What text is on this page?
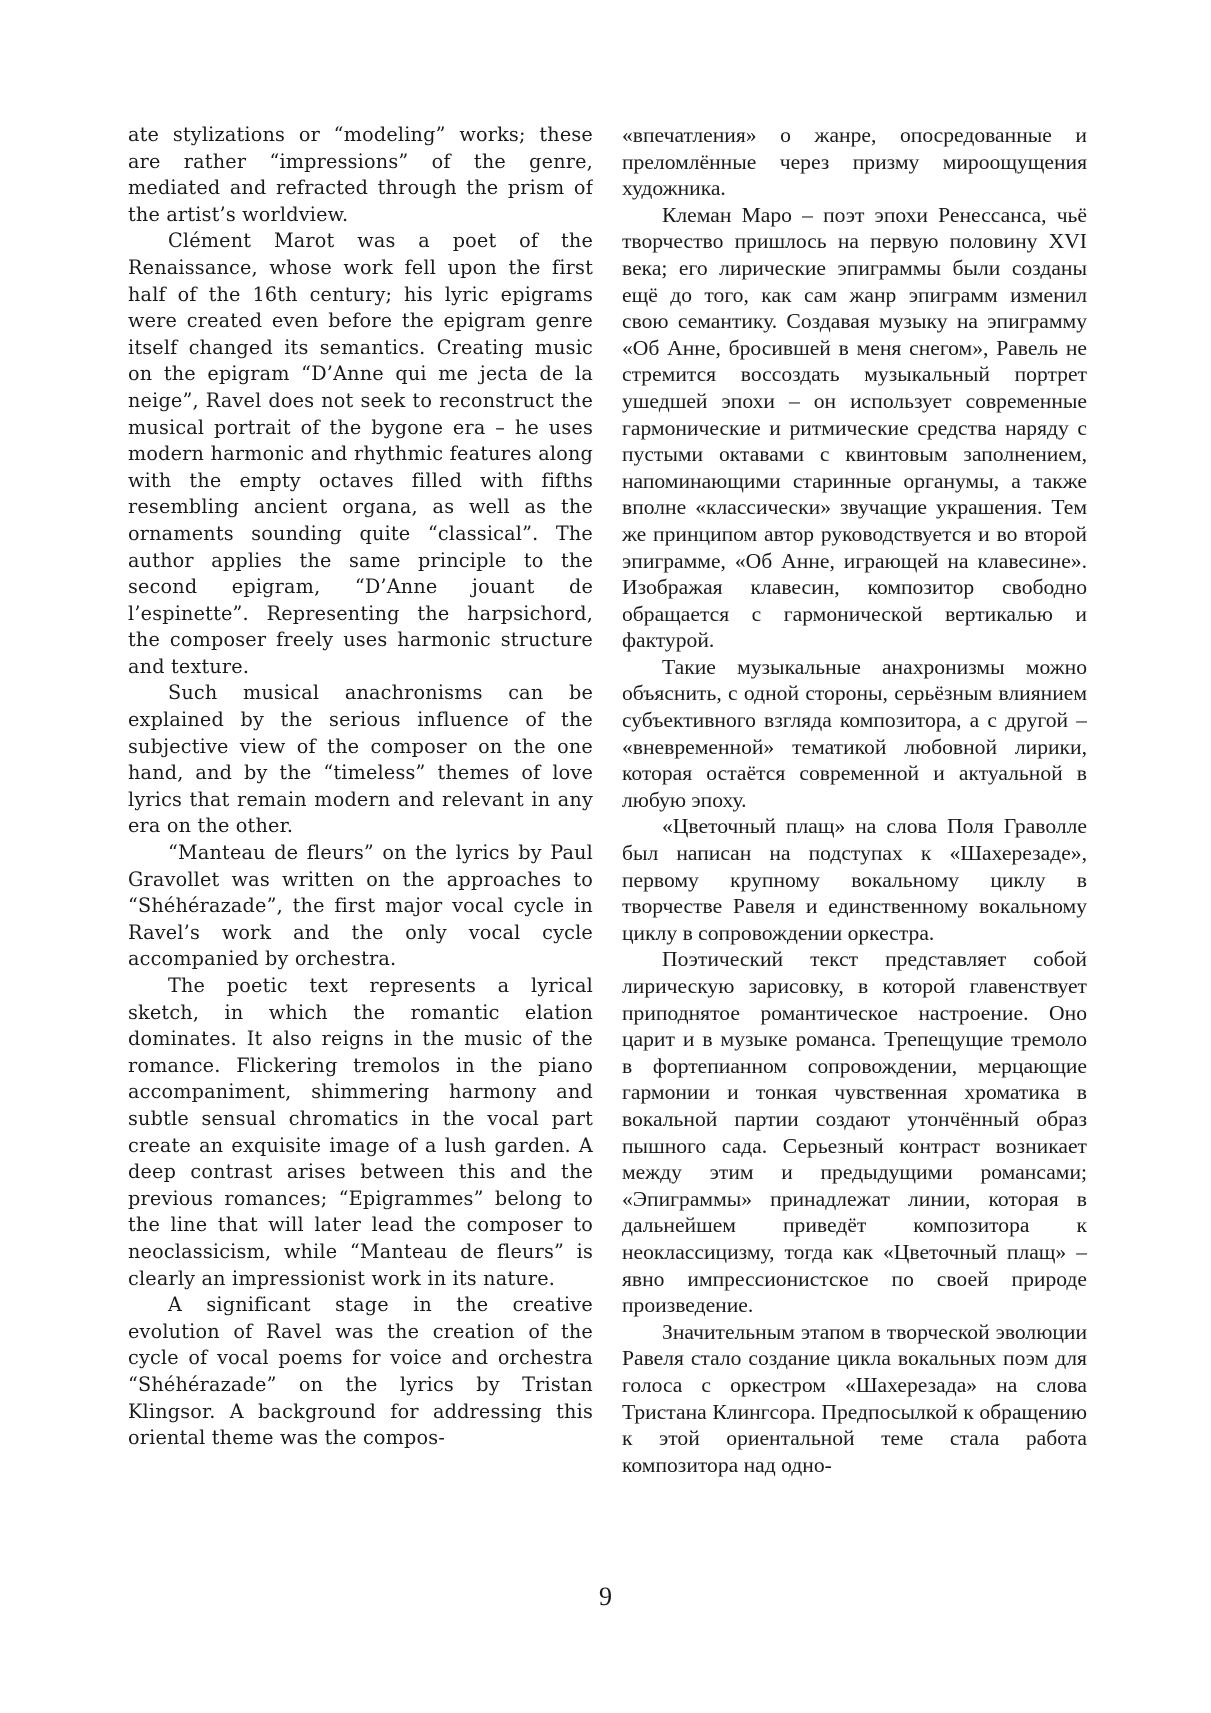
ate stylizations or “modeling” works; these are rather “impressions” of the genre, mediated and refracted through the prism of the artist’s worldview.

Clément Marot was a poet of the Renaissance, whose work fell upon the first half of the 16th century; his lyric epigrams were created even before the epigram genre itself changed its semantics. Creating music on the epigram “D’Anne qui me jecta de la neige”, Ravel does not seek to reconstruct the musical portrait of the bygone era – he uses modern harmonic and rhythmic features along with the empty octaves filled with fifths resembling ancient organa, as well as the ornaments sounding quite “classical”. The author applies the same principle to the second epigram, “D’Anne jouant de l’espinette”. Representing the harpsichord, the composer freely uses harmonic structure and texture.

Such musical anachronisms can be explained by the serious influence of the subjective view of the composer on the one hand, and by the “timeless” themes of love lyrics that remain modern and relevant in any era on the other.

“Manteau de fleurs” on the lyrics by Paul Gravollet was written on the approaches to “Shéhérazade”, the first major vocal cycle in Ravel’s work and the only vocal cycle accompanied by orchestra.

The poetic text represents a lyrical sketch, in which the romantic elation dominates. It also reigns in the music of the romance. Flickering tremolos in the piano accompaniment, shimmering harmony and subtle sensual chromatics in the vocal part create an exquisite image of a lush garden. A deep contrast arises between this and the previous romances; “Epigrammes” belong to the line that will later lead the composer to neoclassicism, while “Manteau de fleurs” is clearly an impressionist work in its nature.

A significant stage in the creative evolution of Ravel was the creation of the cycle of vocal poems for voice and orchestra “Shéhérazade” on the lyrics by Tristan Klingsor. A background for addressing this oriental theme was the compos-

«впечатления» о жанре, опосредованные и преломлённые через призму мироощущения художника.

Клеман Маро – поэт эпохи Ренессанса, чьё творчество пришлось на первую половину XVI века; его лирические эпиграммы были созданы ещё до того, как сам жанр эпиграмм изменил свою семантику. Создавая музыку на эпиграмму «Об Анне, бросившей в меня снегом», Равель не стремится воссоздать музыкальный портрет ушедшей эпохи – он использует современные гармонические и ритмические средства наряду с пустыми октавами с квинтовым заполнением, напоминающими старинные органумы, а также вполне «классически» звучащие украшения. Тем же принципом автор руководствуется и во второй эпиграмме, «Об Анне, играющей на клавесине». Изображая клавесин, композитор свободно обращается с гармонической вертикалью и фактурой.

Такие музыкальные анахронизмы можно объяснить, с одной стороны, серьёзным влиянием субъективного взгляда композитора, а с другой – «вневременной» тематикой любовной лирики, которая остаётся современной и актуальной в любую эпоху.

«Цветочный плащ» на слова Поля Граволле был написан на подступах к «Шахерезаде», первому крупному вокальному циклу в творчестве Равеля и единственному вокальному циклу в сопровождении оркестра.

Поэтический текст представляет собой лирическую зарисовку, в которой главенствует приподнятое романтическое настроение. Оно царит и в музыке романса. Трепещущие тремоло в фортепианном сопровождении, мерцающие гармонии и тонкая чувственная хроматика в вокальной партии создают утончённый образ пышного сада. Серьезный контраст возникает между этим и предыдущими романсами; «Эпиграммы» принадлежат линии, которая в дальнейшем приведёт композитора к неоклассицизму, тогда как «Цветочный плащ» – явно импрессионистское по своей природе произведение.

Значительным этапом в творческой эволюции Равеля стало создание цикла вокальных поэм для голоса с оркестром «Шахерезада» на слова Тристана Клингсора. Предпосылкой к обращению к этой ориентальной теме стала работа композитора над одно-

9
